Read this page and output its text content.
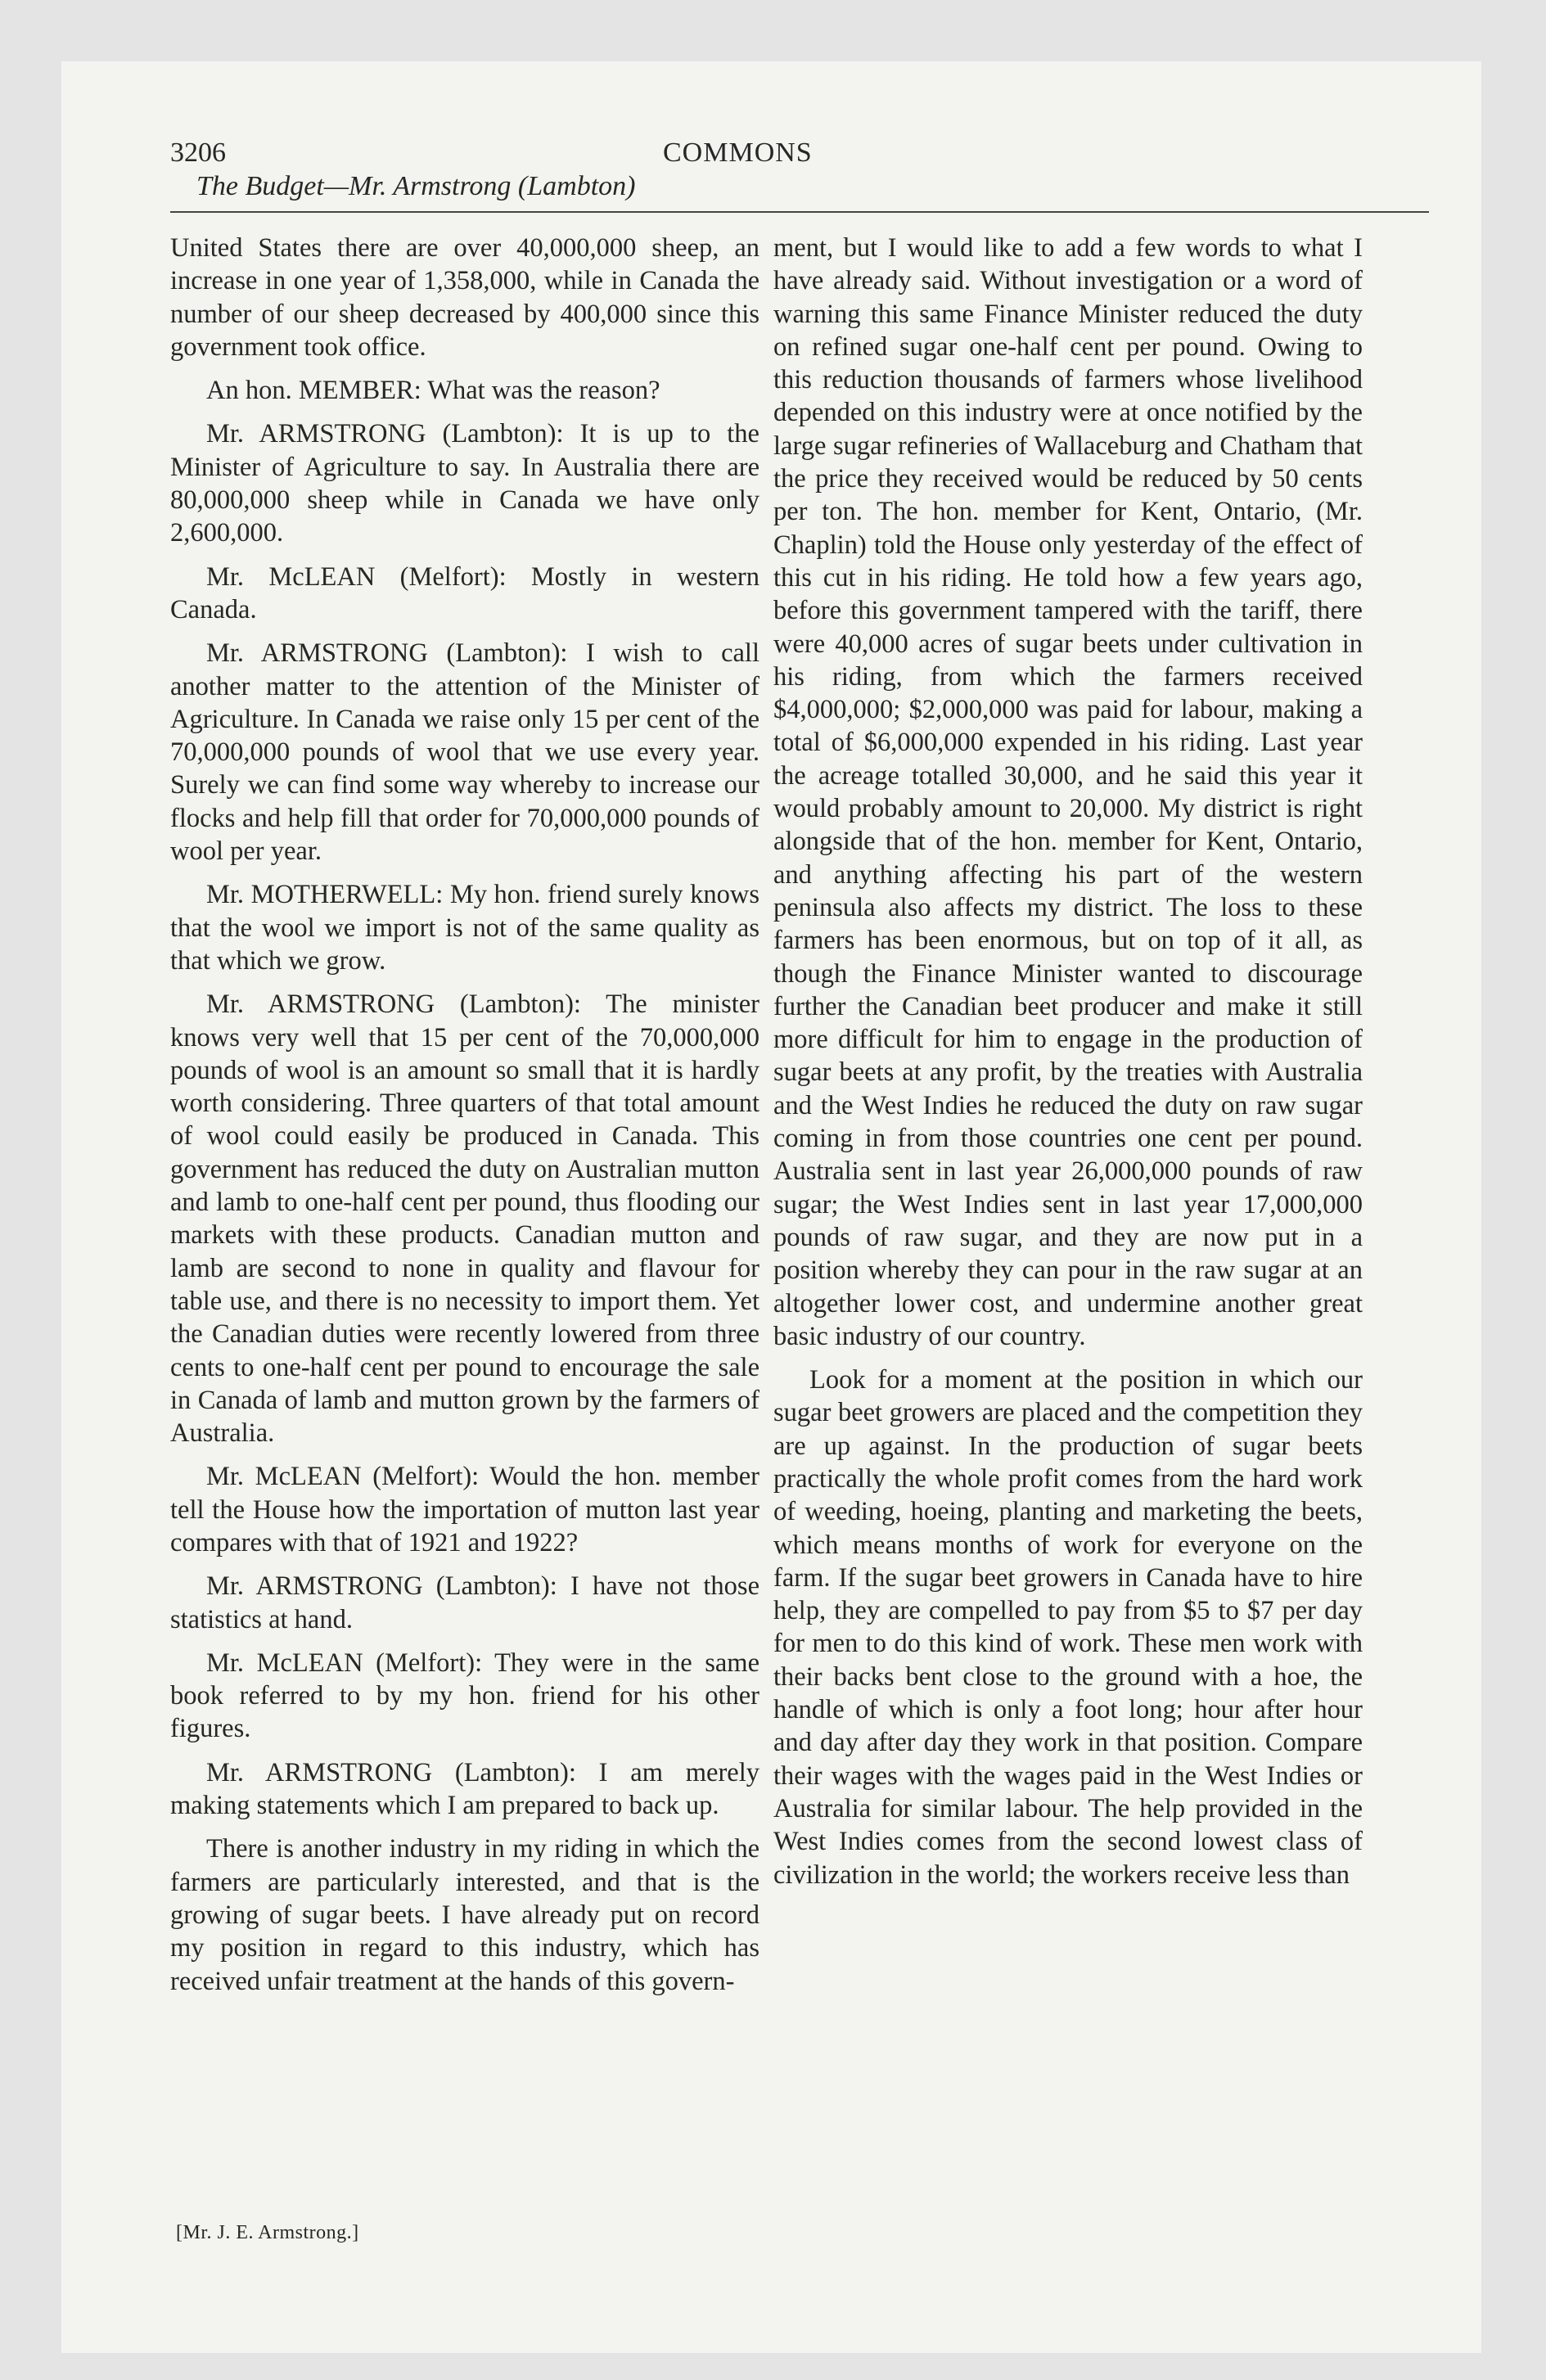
3206	COMMONS
The Budget—Mr. Armstrong (Lambton)

United States there are over 40,000,000 sheep, an increase in one year of 1,358,000, while in Canada the number of our sheep decreased by 400,000 since this government took office.

An hon. MEMBER: What was the reason?

Mr. ARMSTRONG (Lambton): It is up to the Minister of Agriculture to say. In Australia there are 80,000,000 sheep while in Canada we have only 2,600,000.

Mr. McLEAN (Melfort): Mostly in western Canada.

Mr. ARMSTRONG (Lambton): I wish to call another matter to the attention of the Minister of Agriculture. In Canada we raise only 15 per cent of the 70,000,000 pounds of wool that we use every year. Surely we can find some way whereby to increase our flocks and help fill that order for 70,000,000 pounds of wool per year.

Mr. MOTHERWELL: My hon. friend surely knows that the wool we import is not of the same quality as that which we grow.

Mr. ARMSTRONG (Lambton): The minister knows very well that 15 per cent of the 70,000,000 pounds of wool is an amount so small that it is hardly worth considering. Three quarters of that total amount of wool could easily be produced in Canada. This government has reduced the duty on Australian mutton and lamb to one-half cent per pound, thus flooding our markets with these products. Canadian mutton and lamb are second to none in quality and flavour for table use, and there is no necessity to import them. Yet the Canadian duties were recently lowered from three cents to one-half cent per pound to encourage the sale in Canada of lamb and mutton grown by the farmers of Australia.

Mr. McLEAN (Melfort): Would the hon. member tell the House how the importation of mutton last year compares with that of 1921 and 1922?

Mr. ARMSTRONG (Lambton): I have not those statistics at hand.

Mr. McLEAN (Melfort): They were in the same book referred to by my hon. friend for his other figures.

Mr. ARMSTRONG (Lambton): I am merely making statements which I am prepared to back up.

There is another industry in my riding in which the farmers are particularly interested, and that is the growing of sugar beets. I have already put on record my position in regard to this industry, which has received unfair treatment at the hands of this govern-

ment, but I would like to add a few words to what I have already said. Without investigation or a word of warning this same Finance Minister reduced the duty on refined sugar one-half cent per pound. Owing to this reduction thousands of farmers whose livelihood depended on this industry were at once notified by the large sugar refineries of Wallaceburg and Chatham that the price they received would be reduced by 50 cents per ton. The hon. member for Kent, Ontario, (Mr. Chaplin) told the House only yesterday of the effect of this cut in his riding. He told how a few years ago, before this government tampered with the tariff, there were 40,000 acres of sugar beets under cultivation in his riding, from which the farmers received $4,000,000; $2,000,000 was paid for labour, making a total of $6,000,000 expended in his riding. Last year the acreage totalled 30,000, and he said this year it would probably amount to 20,000. My district is right alongside that of the hon. member for Kent, Ontario, and anything affecting his part of the western peninsula also affects my district. The loss to these farmers has been enormous, but on top of it all, as though the Finance Minister wanted to discourage further the Canadian beet producer and make it still more difficult for him to engage in the production of sugar beets at any profit, by the treaties with Australia and the West Indies he reduced the duty on raw sugar coming in from those countries one cent per pound. Australia sent in last year 26,000,000 pounds of raw sugar; the West Indies sent in last year 17,000,000 pounds of raw sugar, and they are now put in a position whereby they can pour in the raw sugar at an altogether lower cost, and undermine another great basic industry of our country.

Look for a moment at the position in which our sugar beet growers are placed and the competition they are up against. In the production of sugar beets practically the whole profit comes from the hard work of weeding, hoeing, planting and marketing the beets, which means months of work for everyone on the farm. If the sugar beet growers in Canada have to hire help, they are compelled to pay from $5 to $7 per day for men to do this kind of work. These men work with their backs bent close to the ground with a hoe, the handle of which is only a foot long; hour after hour and day after day they work in that position. Compare their wages with the wages paid in the West Indies or Australia for similar labour. The help provided in the West Indies comes from the second lowest class of civilization in the world; the workers receive less than

[Mr. J. E. Armstrong.]
